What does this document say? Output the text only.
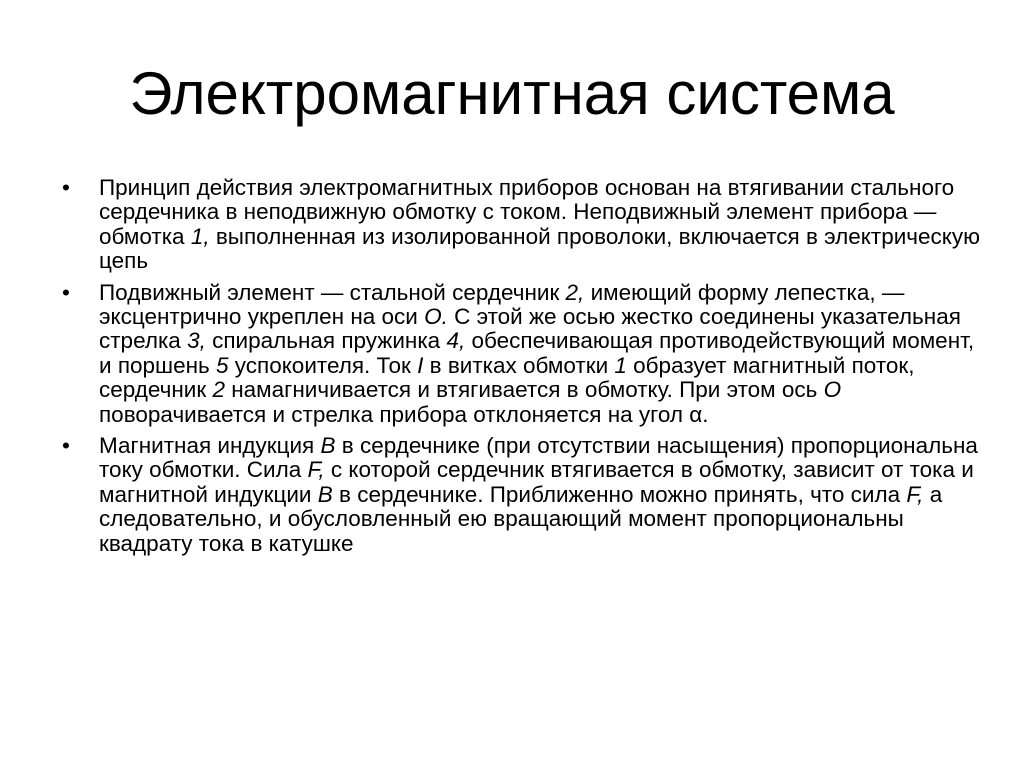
Электромагнитная система
•	Принцип действия электромагнитных приборов основан на втягивании стального сердечника в неподвижную обмотку с током. Неподвижный элемент прибора — обмотка 1, выполненная из изолированной проволоки, включается в электрическую цепь
•	Подвижный элемент — стальной сердечник 2, имеющий форму лепестка, — эксцентрично укреплен на оси О. С этой же осью жестко соединены указательная стрелка 3, спиральная пружинка 4, обеспечивающая противодействующий момент, и поршень 5 успокоителя. Ток I в витках обмотки 1 образует магнитный поток, сердечник 2 намагничивается и втягивается в обмотку. При этом ось О поворачивается и стрелка прибора отклоняется на угол α.
•	Магнитная индукция В в сердечнике (при отсутствии насыщения) пропорциональна току обмотки. Сила F, с которой сердечник втягивается в обмотку, зависит от тока и магнитной индукции В в сердечнике. Приближенно можно принять, что сила F, а следовательно, и обусловленный ею вращающий момент пропорциональны квадрату тока в катушке
